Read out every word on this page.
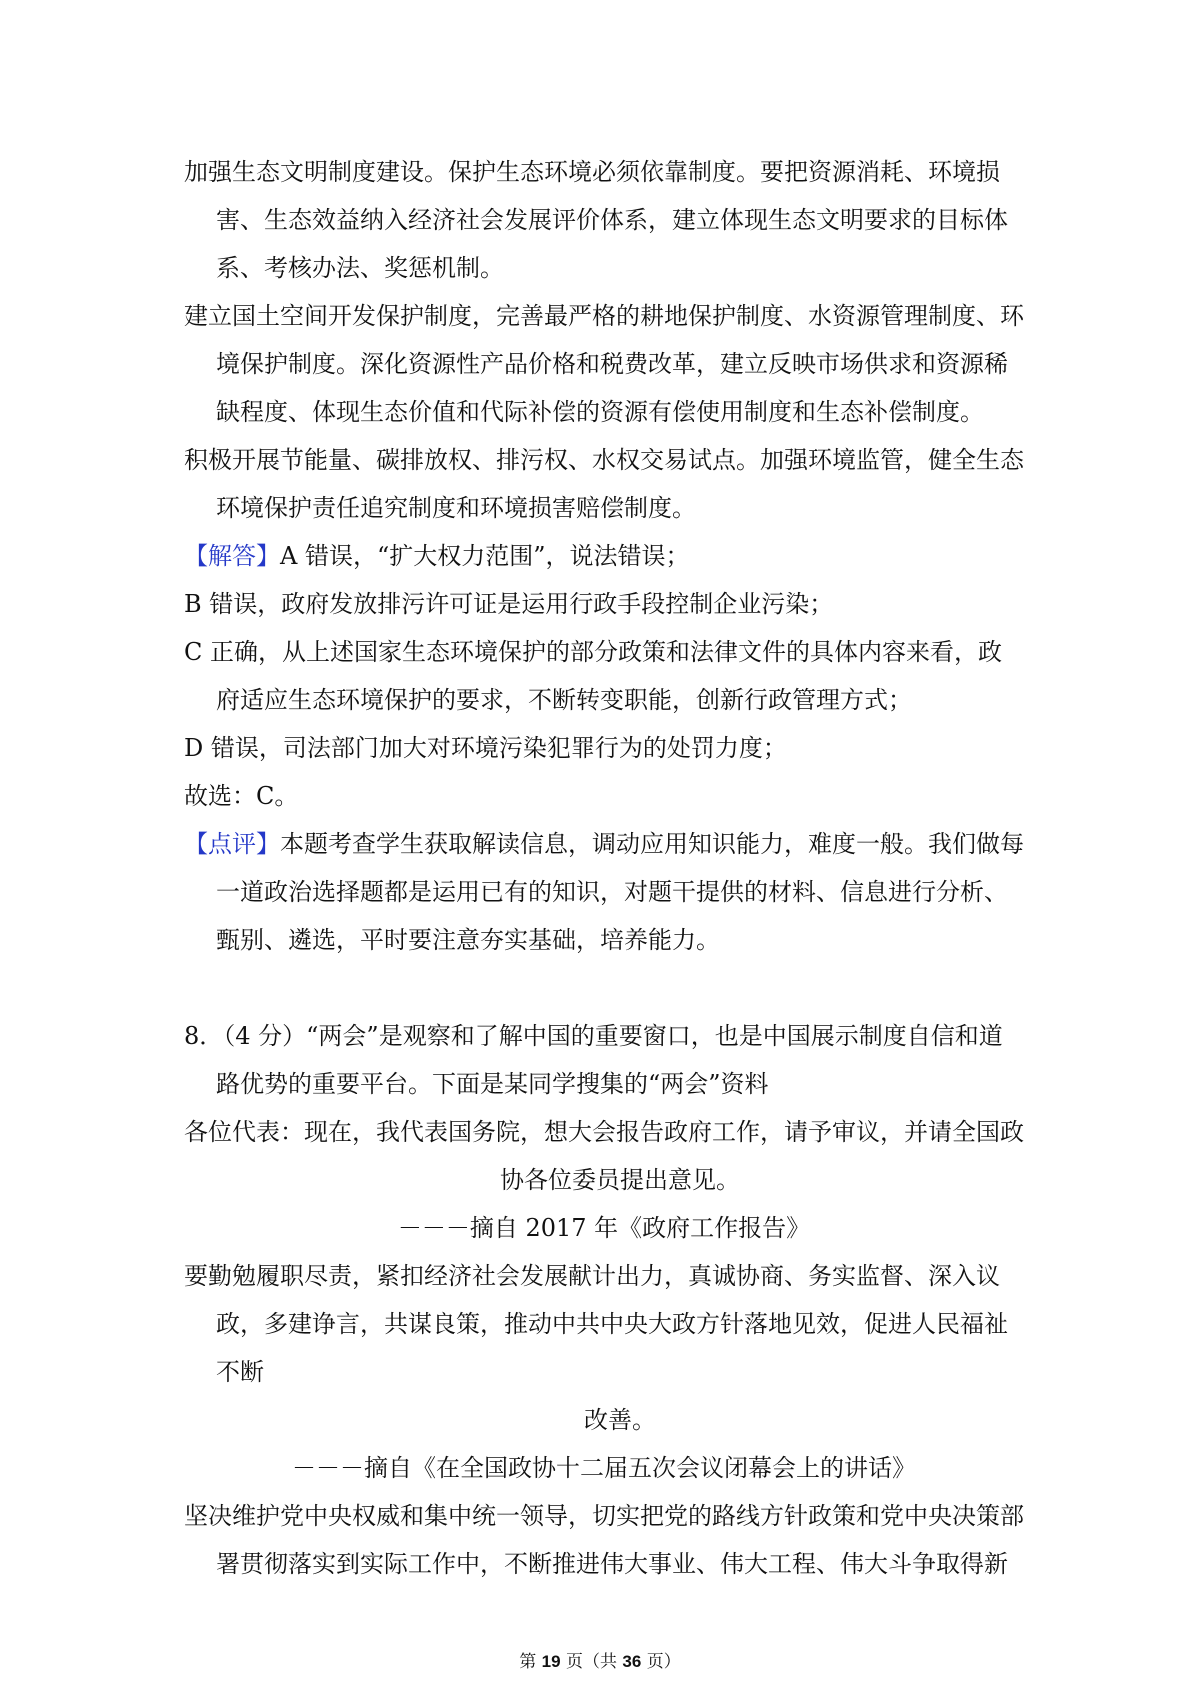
加强生态文明制度建设。保护生态环境必须依靠制度。要把资源消耗、环境损害、生态效益纳入经济社会发展评价体系，建立体现生态文明要求的目标体系、考核办法、奖惩机制。

建立国土空间开发保护制度，完善最严格的耕地保护制度、水资源管理制度、环境保护制度。深化资源性产品价格和税费改革，建立反映市场供求和资源稀缺程度、体现生态价值和代际补偿的资源有偿使用制度和生态补偿制度。

积极开展节能量、碳排放权、排污权、水权交易试点。加强环境监管，健全生态环境保护责任追究制度和环境损害赔偿制度。

【解答】A 错误，“扩大权力范围”，说法错误；

B 错误，政府发放排污许可证是运用行政手段控制企业污染；

C 正确，从上述国家生态环境保护的部分政策和法律文件的具体内容来看，政府适应生态环境保护的要求，不断转变职能，创新行政管理方式；

D 错误，司法部门加大对环境污染犯罪行为的处罚力度；

故选：C。

【点评】本题考查学生获取解读信息，调动应用知识能力，难度一般。我们做每一道政治选择题都是运用已有的知识，对题干提供的材料、信息进行分析、甄别、遴选，平时要注意夯实基础，培养能力。

8．（4 分）“两会”是观察和了解中国的重要窗口，也是中国展示制度自信和道路优势的重要平台。下面是某同学搜集的“两会”资料

各位代表：现在，我代表国务院，想大会报告政府工作，请予审议，并请全国政
协各位委员提出意见。

－－－摘自 2017 年《政府工作报告》

要勤勉履职尽责，紧扣经济社会发展献计出力，真诚协商、务实监督、深入议政，多建诤言，共谋良策，推动中共中央大政方针落地见效，促进人民福祉不断
改善。

－－－摘自《在全国政协十二届五次会议闭幕会上的讲话》

坚决维护党中央权威和集中统一领导，切实把党的路线方针政策和党中央决策部署贯彻落实到实际工作中，不断推进伟大事业、伟大工程、伟大斗争取得新

第 19 页（共 36 页）
